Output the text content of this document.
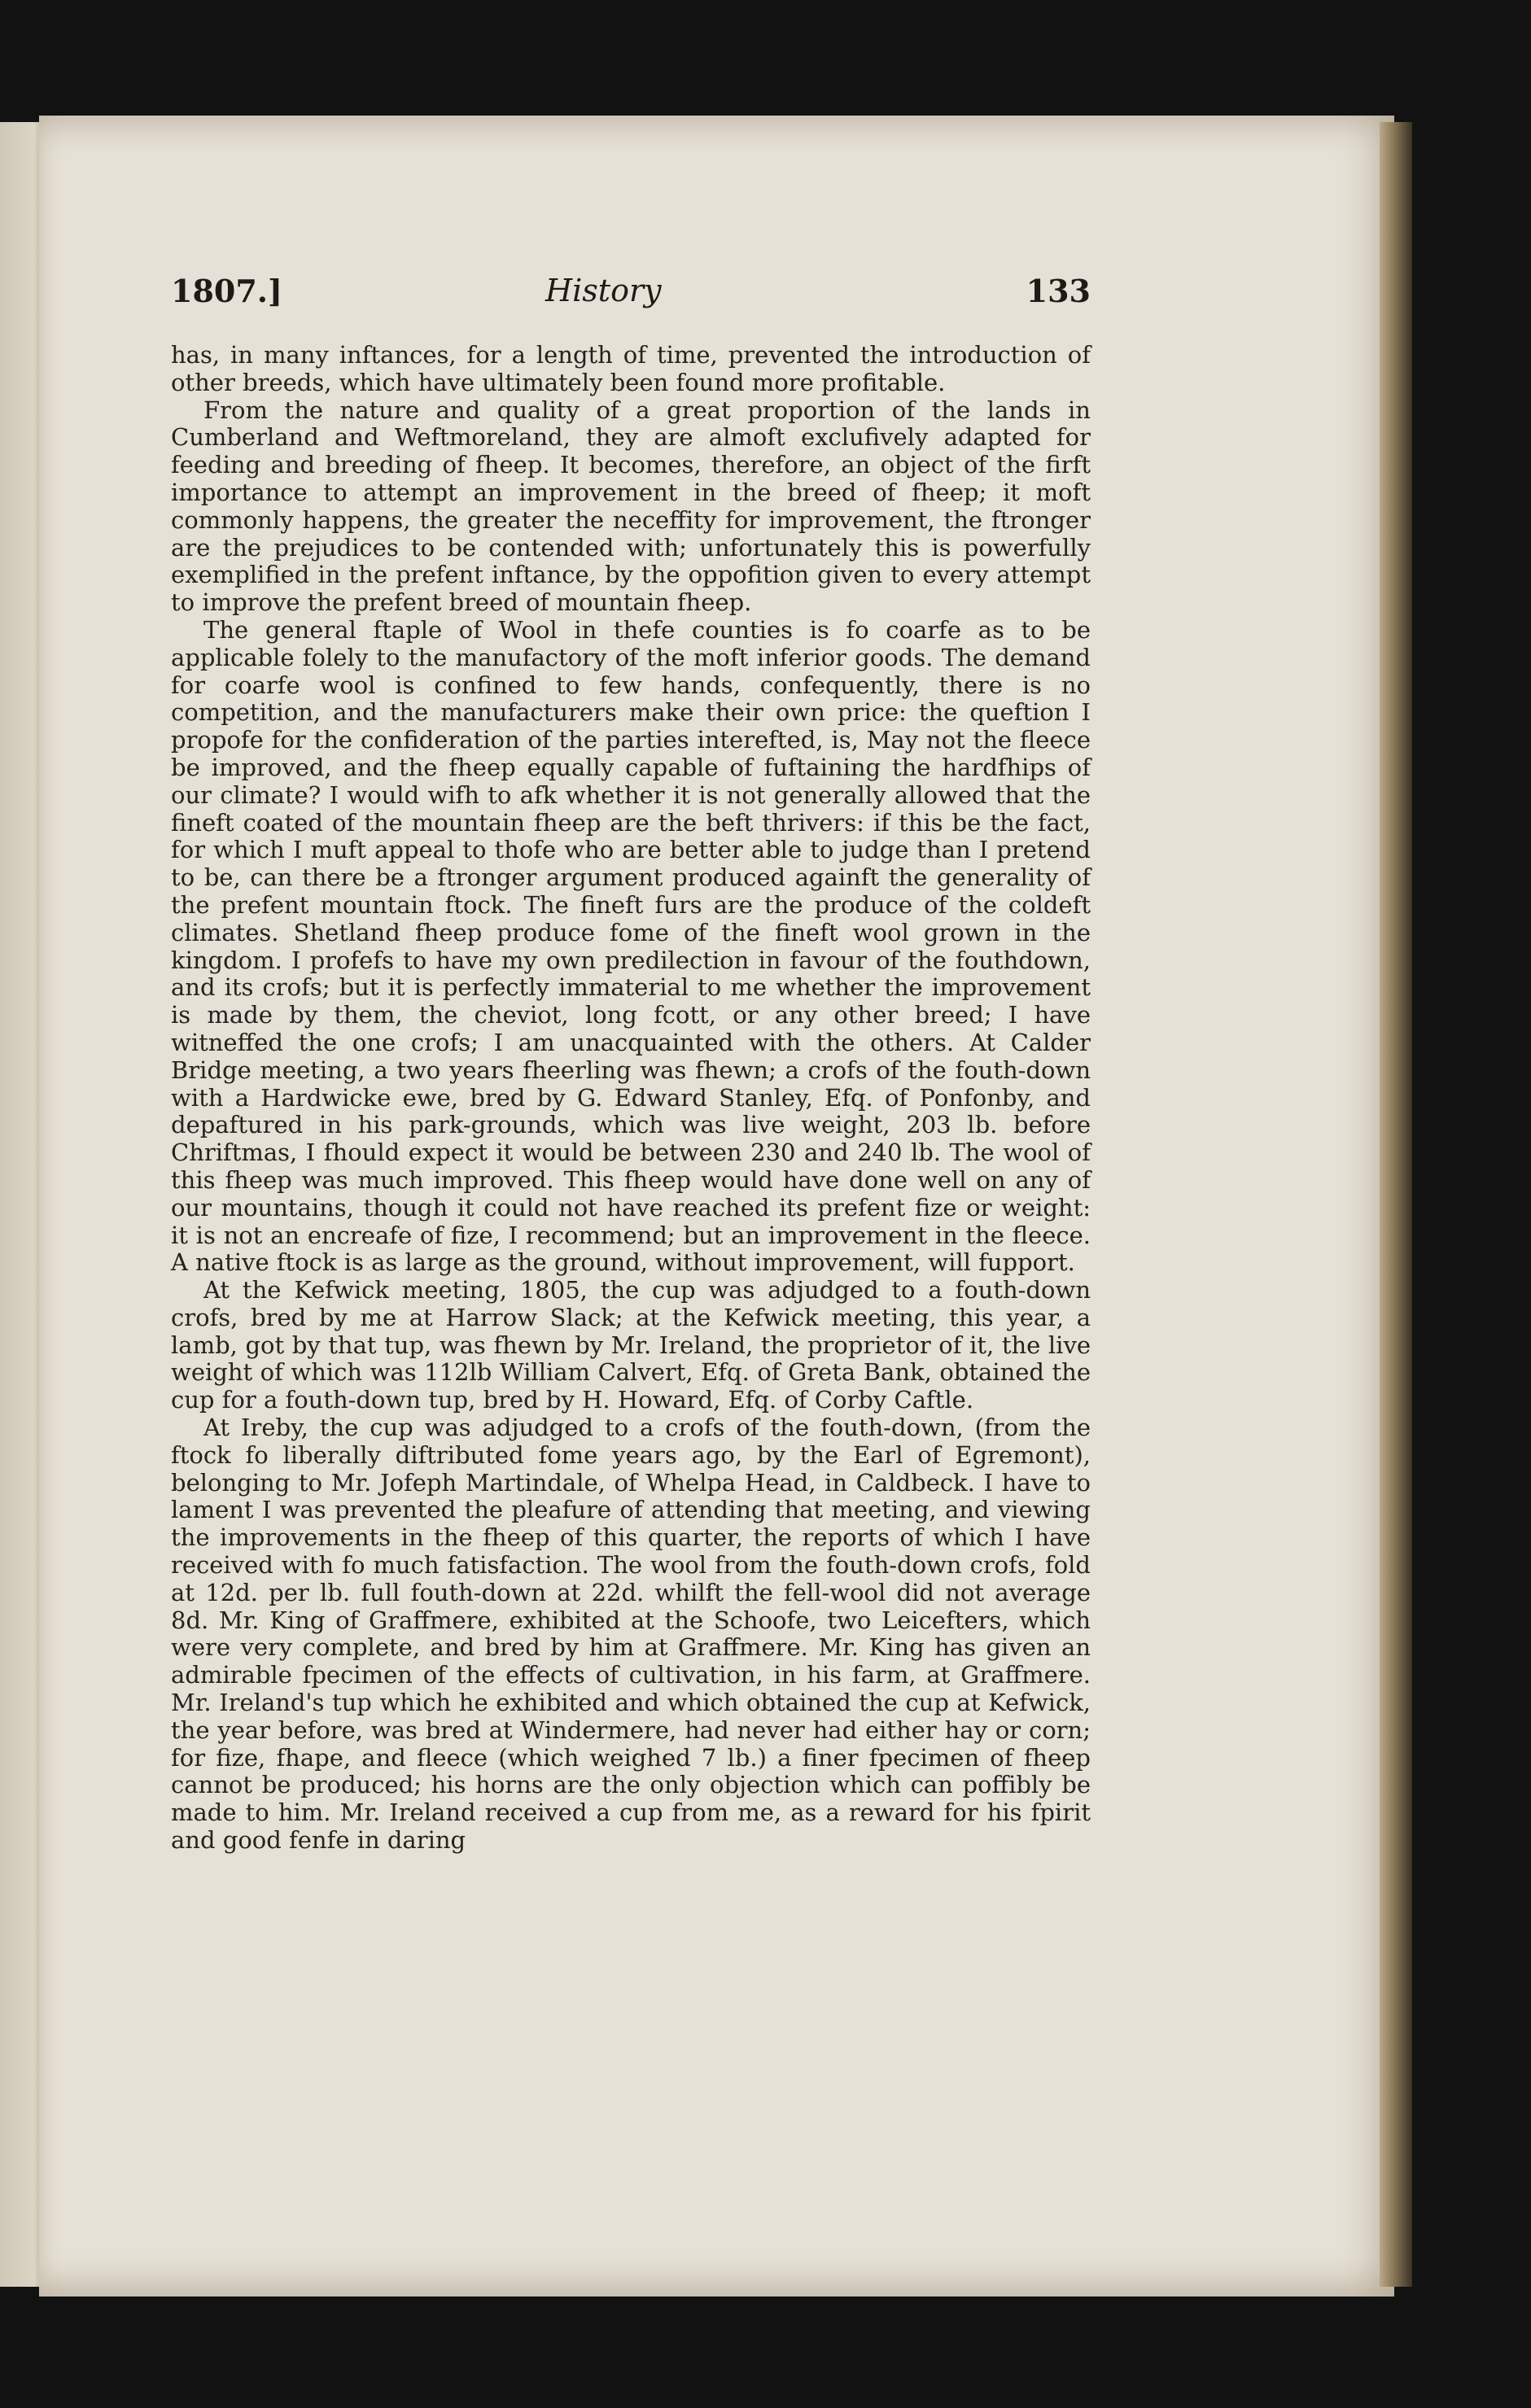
1807.]	History	133

has, in many inftances, for a length of time, prevented the introduction of other breeds, which have ultimately been found more profitable.

From the nature and quality of a great proportion of the lands in Cumberland and Weftmoreland, they are almoft exclufively adapted for feeding and breeding of fheep. It becomes, therefore, an object of the firft importance to attempt an improvement in the breed of fheep; it moft commonly happens, the greater the neceffity for improvement, the ftronger are the prejudices to be contended with; unfortunately this is powerfully exemplified in the prefent inftance, by the oppofition given to every attempt to improve the prefent breed of mountain fheep.

The general ftaple of Wool in thefe counties is fo coarfe as to be applicable folely to the manufactory of the moft inferior goods. The demand for coarfe wool is confined to few hands, confequently, there is no competition, and the manufacturers make their own price: the queftion I propofe for the confideration of the parties interefted, is, May not the fleece be improved, and the fheep equally capable of fuftaining the hardfhips of our climate? I would wifh to afk whether it is not generally allowed that the fineft coated of the mountain fheep are the beft thrivers: if this be the fact, for which I muft appeal to thofe who are better able to judge than I pretend to be, can there be a ftronger argument produced againft the generality of the prefent mountain ftock. The fineft furs are the produce of the coldeft climates. Shetland fheep produce fome of the fineft wool grown in the kingdom. I profefs to have my own predilection in favour of the fouthdown, and its crofs; but it is perfectly immaterial to me whether the improvement is made by them, the cheviot, long fcott, or any other breed; I have witneffed the one crofs; I am unacquainted with the others. At Calder Bridge meeting, a two years fheerling was fhewn; a crofs of the fouth-down with a Hardwicke ewe, bred by G. Edward Stanley, Efq. of Ponfonby, and depaftured in his park-grounds, which was live weight, 203 lb. before Chriftmas, I fhould expect it would be between 230 and 240 lb. The wool of this fheep was much improved. This fheep would have done well on any of our mountains, though it could not have reached its prefent fize or weight: it is not an encreafe of fize, I recommend; but an improvement in the fleece. A native ftock is as large as the ground, without improvement, will fupport.

At the Kefwick meeting, 1805, the cup was adjudged to a fouth-down crofs, bred by me at Harrow Slack; at the Kefwick meeting, this year, a lamb, got by that tup, was fhewn by Mr. Ireland, the proprietor of it, the live weight of which was 112lb William Calvert, Efq. of Greta Bank, obtained the cup for a fouth-down tup, bred by H. Howard, Efq. of Corby Caftle.

At Ireby, the cup was adjudged to a crofs of the fouth-down, (from the ftock fo liberally diftributed fome years ago, by the Earl of Egremont), belonging to Mr. Jofeph Martindale, of Whelpa Head, in Caldbeck. I have to lament I was prevented the pleafure of attending that meeting, and viewing the improvements in the fheep of this quarter, the reports of which I have received with fo much fatisfaction. The wool from the fouth-down crofs, fold at 12d. per lb. full fouth-down at 22d. whilft the fell-wool did not average 8d. Mr. King of Graffmere, exhibited at the Schoofe, two Leicefters, which were very complete, and bred by him at Graffmere. Mr. King has given an admirable fpecimen of the effects of cultivation, in his farm, at Graffmere. Mr. Ireland's tup which he exhibited and which obtained the cup at Kefwick, the year before, was bred at Windermere, had never had either hay or corn; for fize, fhape, and fleece (which weighed 7 lb.) a finer fpecimen of fheep cannot be produced; his horns are the only objection which can poffibly be made to him. Mr. Ireland received a cup from me, as a reward for his fpirit and good fenfe in daring
